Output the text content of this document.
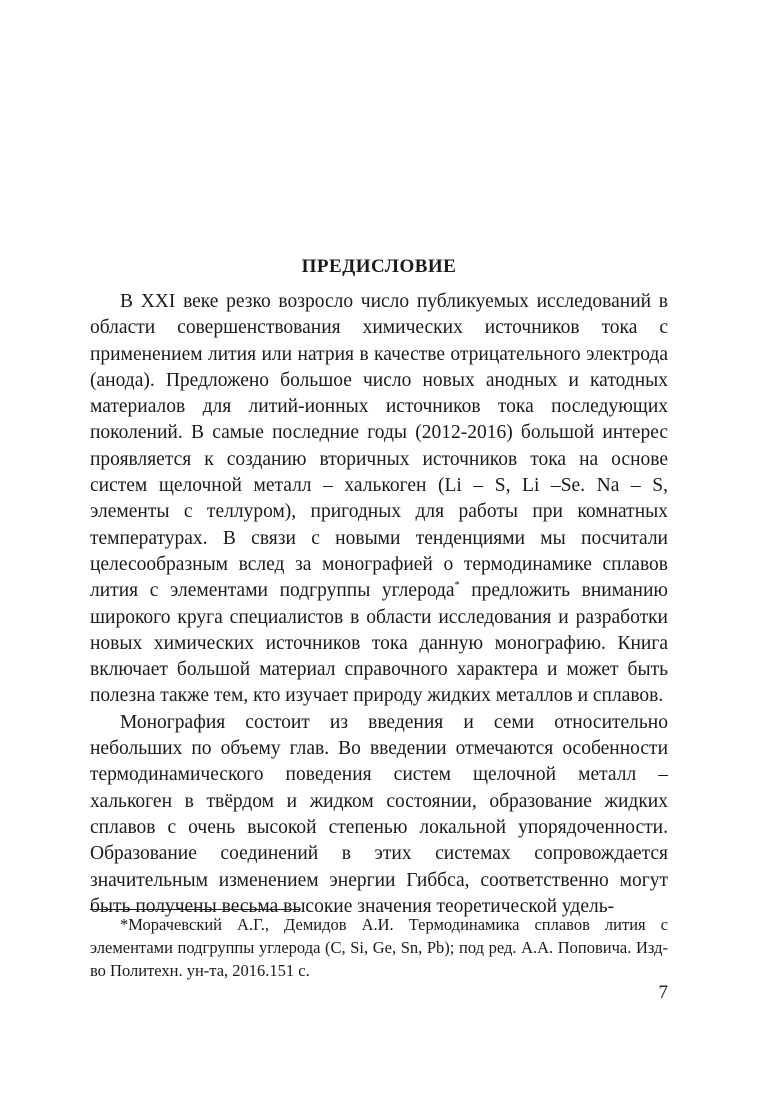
ПРЕДИСЛОВИЕ

В XXI веке резко возросло число публикуемых исследований в области совершенствования химических источников тока с применением лития или натрия в качестве отрицательного электрода (анода). Предложено большое число новых анодных и катодных материалов для литий-ионных источников тока последующих поколений. В самые последние годы (2012-2016) большой интерес проявляется к созданию вторичных источников тока на основе систем щелочной металл – халькоген (Li – S, Li –Se. Na – S, элементы с теллуром), пригодных для работы при комнатных температурах. В связи с новыми тенденциями мы посчитали целесообразным вслед за монографией о термодинамике сплавов лития с элементами подгруппы углерода* предложить вниманию широкого круга специалистов в области исследования и разработки новых химических источников тока данную монографию. Книга включает большой материал справочного характера и может быть полезна также тем, кто изучает природу жидких металлов и сплавов.

Монография состоит из введения и семи относительно небольших по объему глав. Во введении отмечаются особенности термодинамического поведения систем щелочной металл – халькоген в твёрдом и жидком состоянии, образование жидких сплавов с очень высокой степенью локальной упорядоченности. Образование соединений в этих системах сопровождается значительным изменением энергии Гиббса, соответственно могут быть получены весьма высокие значения теоретической удель-

*Морачевский А.Г., Демидов А.И. Термодинамика сплавов лития с элементами подгруппы углерода (C, Si, Ge, Sn, Pb); под ред. А.А. Поповича. Изд-во Политехн. ун-та, 2016.151 с.

7
